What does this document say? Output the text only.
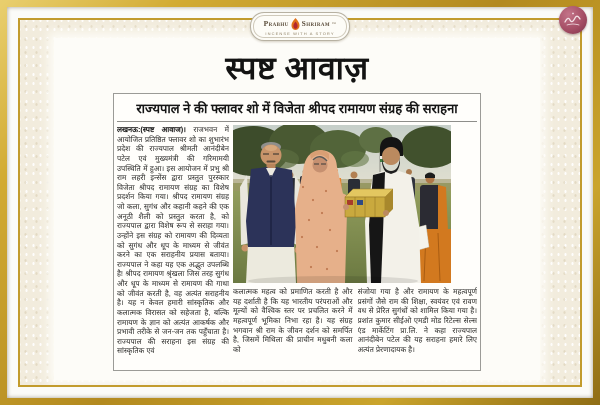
स्पष्ट आवाज़
राज्यपाल ने की फ्लावर शो में विजेता श्रीपद रामायण संग्रह की सराहना

लखनऊ:(स्पष्ट आवाज)। राजभवन में आयोजित प्रतिष्ठित फ्लावर शो का शुभारंभ प्रदेश की राज्यपाल श्रीमती आनंदीबेन पटेल एवं मुख्यमंत्री की गरिमामयी उपस्थिति में हुआ। इस आयोजन में प्रभु श्री राम लहरी इन्सेंस द्वारा प्रस्तुत पुरस्कार विजेता श्रीपद रामायण संग्रह का विशेष प्रदर्शन किया गया। श्रीपद रामायण संग्रह जो कला, सुगंध और कहानी कहने की एक अनूठी शैली को प्रस्तुत करता है, को राज्यपाल द्वारा विशेष रूप से सराहा गया। उन्होंने इस संग्रह को रामायण की दिव्यता को सुगंध और धूप के माध्यम से जीवंत करने का एक सराहनीय प्रयास बताया। राज्यपाल ने कहा यह एक अद्भुत उपलब्धि है! श्रीपद रामायण श्रृंखला जिस तरह सुगंध और धूप के माध्यम से रामायण की गाथा को जीवंत करती है, वह अत्यंत सराहनीय है। यह न केवल हमारी सांस्कृतिक और कलात्मक विरासत को सहेजता है, बल्कि रामायण के ज्ञान को अत्यंत आकर्षक और प्रभावी तरीके से जन-जन तक पहुँचाता है। राज्यपाल की सराहना इस संग्रह की सांस्कृतिक एवं

कलात्मक महत्व को प्रमाणित करती है और यह दर्शाती है कि यह भारतीय परंपराओं और मूल्यों को वैश्विक स्तर पर प्रचलित करने में महत्वपूर्ण भूमिका निभा रहा है। यह संग्रह भगवान श्री राम के जीवन दर्शन को समर्पित है, जिसमें मिथिला की प्राचीन मधुबनी कला को

संजोया गया है और रामायण के महत्वपूर्ण प्रसंगों जैसे राम की शिक्षा, स्वयंवर एवं रावण वध से प्रेरित सुगंधों को शामिल किया गया है। प्रशांत कुमार सीईओ एमडी मोड रिटेल्स सेल्स एंड मार्केटिंग प्रा.लि. ने कहा राज्यपाल आनंदीबेन पटेल की यह सराहना हमारे लिए अत्यंत प्रेरणादायक है।

Prabhu Shriram ™
INCENSE WITH A STORY
